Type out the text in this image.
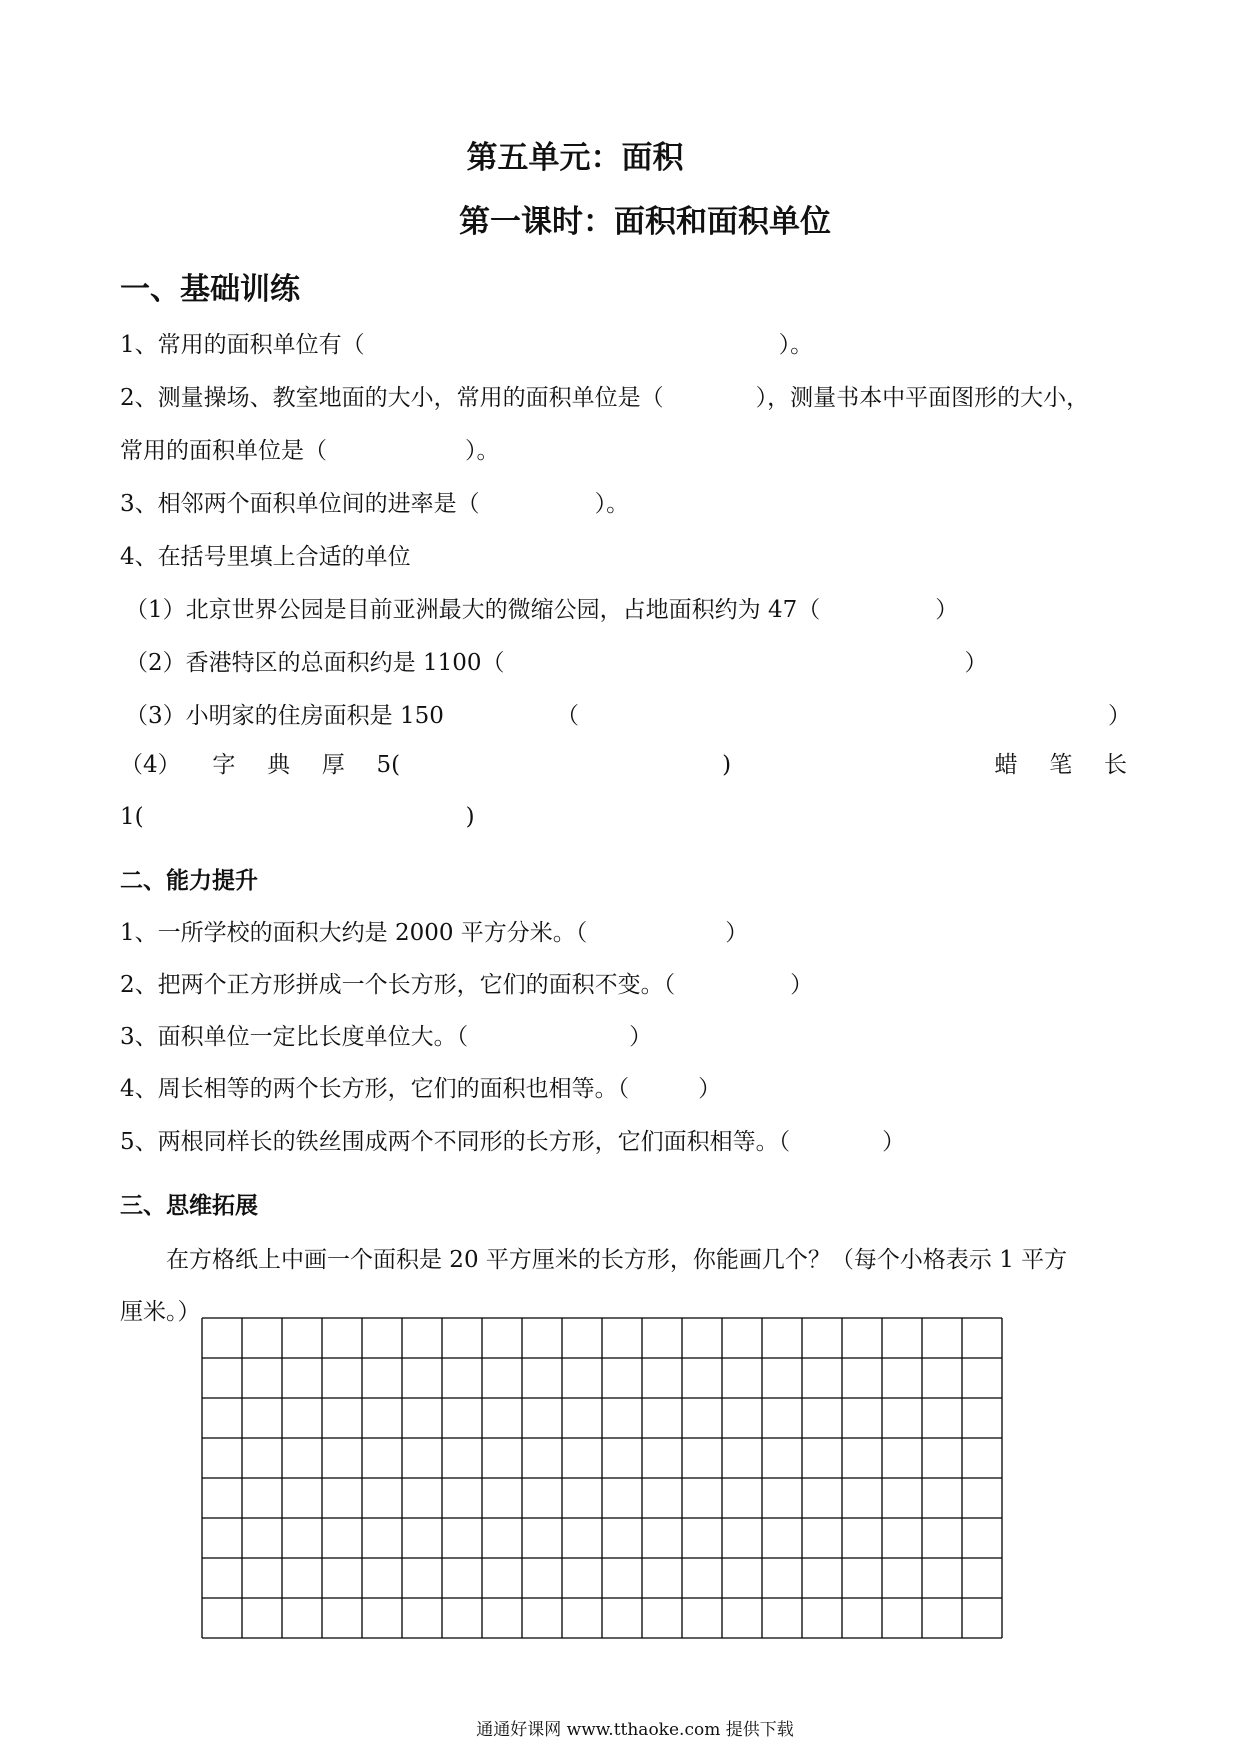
第五单元：面积
第一课时：面积和面积单位
一、基础训练
1、常用的面积单位有（　　　　　　　　　　　　　　　　　　）。
2、测量操场、教室地面的大小，常用的面积单位是（　　　　），测量书本中平面图形的大小，
常用的面积单位是（　　　　　　）。
3、相邻两个面积单位间的进率是（　　　　　）。
4、在括号里填上合适的单位
（1）北京世界公园是目前亚洲最大的微缩公园，占地面积约为 47（　　　　　）
（2）香港特区的总面积约是 1100（　　　　　　　　　　　　　　　　　　　　）
（3）小明家的住房面积是 150	（	）
（4） 字 典 厚 5(　　　　　　　　　　　　　　)	蜡 笔 长
1(　　　　　　　　　　　　　　)
二、能力提升
1、一所学校的面积大约是 2000 平方分米。（　　　　　　）
2、把两个正方形拼成一个长方形，它们的面积不变。（　　　　　）
3、面积单位一定比长度单位大。（　　　　　　　）
4、周长相等的两个长方形，它们的面积也相等。（　　　）
5、两根同样长的铁丝围成两个不同形的长方形，它们面积相等。（　　　　）
三、思维拓展
　　在方格纸上中画一个面积是 20 平方厘米的长方形，你能画几个？（每个小格表示 1 平方
厘米。）
通通好课网 www.tthaoke.com 提供下载
